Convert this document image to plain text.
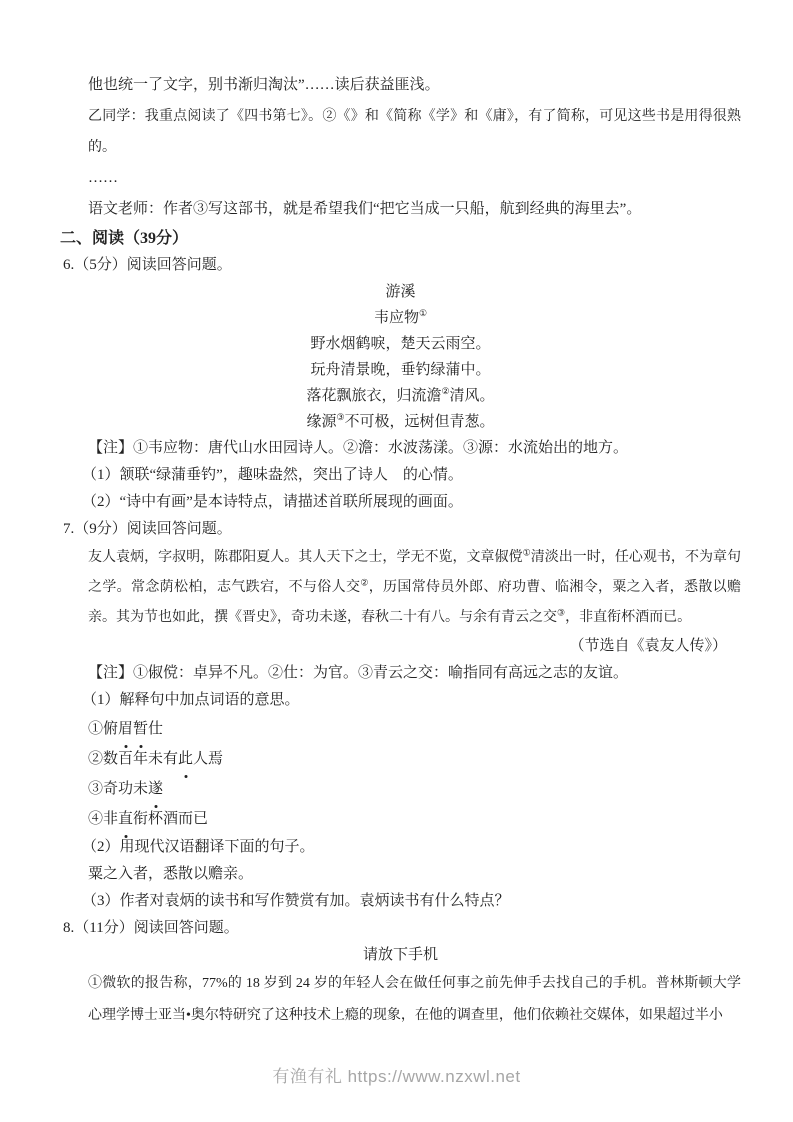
他也统一了文字，别书渐归淘汰”……读后获益匪浅。

乙同学：我重点阅读了《四书第七》。②《》和《简称《学》和《庸》，有了简称，可见这些书是用得很熟的。

……

语文老师：作者③写这部书，就是希望我们“把它当成一只船，航到经典的海里去”。

二、阅读（39分）

6.（5分）阅读回答问题。

游溪

韦应物①

野水烟鹤唳，楚天云雨空。

玩舟清景晚，垂钓绿蒲中。

落花飘旅衣，归流澹②清风。

缘源③不可极，远树但青葱。

【注】①韦应物：唐代山水田园诗人。②澹：水波荡漾。③源：水流始出的地方。

（1）颔联“绿蒲垂钓”，趣味盎然，突出了诗人　的心情。

（2）“诗中有画”是本诗特点，请描述首联所展现的画面。

7.（9分）阅读回答问题。

友人袁炳，字叔明，陈郡阳夏人。其人天下之士，学无不览，文章俶傥①清淡出一时，任心观书，不为章句之学。常念荫松柏，志气跌宕，不与俗人交②，历国常侍员外郎、府功曹、临湘令，粟之入者，悉散以赡亲。其为节也如此，撰《晋史》，奇功未遂，春秋二十有八。与余有青云之交③，非直衔杯酒而已。

（节选自《袁友人传》）

【注】①俶傥：卓异不凡。②仕：为官。③青云之交：喻指同有高远之志的友谊。

（1）解释句中加点词语的意思。

①俯眉暂仕

②数百年未有此人焉

③奇功未遂

④非直衔杯酒而已

（2）用现代汉语翻译下面的句子。

粟之入者，悉散以赡亲。

（3）作者对袁炳的读书和写作赞赏有加。袁炳读书有什么特点？

8.（11分）阅读回答问题。

请放下手机

①微软的报告称，77%的 18 岁到 24 岁的年轻人会在做任何事之前先伸手去找自己的手机。普林斯顿大学心理学博士亚当•奥尔特研究了这种技术上瘾的现象，在他的调查里，他们依赖社交媒体，如果超过半小

有渔有礼 https://www.nzxwl.net
